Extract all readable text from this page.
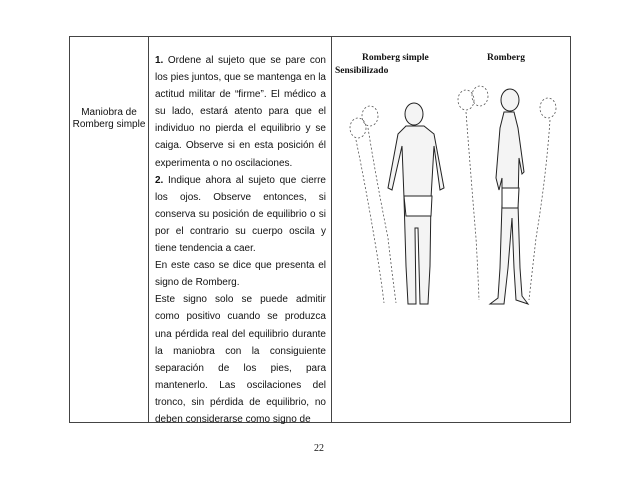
Maniobra de Romberg simple

1. Ordene al sujeto que se pare con los pies juntos, que se mantenga en la actitud militar de “firme”. El médico a su lado, estará atento para que el individuo no pierda el equilibrio y se caiga. Observe si en esta posición él experimenta o no oscilaciones.

2. Indique ahora al sujeto que cierre los ojos. Observe entonces, si conserva su posición de equilibrio o si por el contrario su cuerpo oscila y tiene tendencia a caer.

En este caso se dice que presenta el signo de Romberg.

Este signo solo se puede admitir como positivo cuando se produzca una pérdida real del equilibrio durante la maniobra con la consiguiente separación de los pies, para mantenerlo. Las oscilaciones del tronco, sin pérdida de equilibrio, no deben considerarse como signo de

Romberg simple	Romberg
Sensibilizado
22
